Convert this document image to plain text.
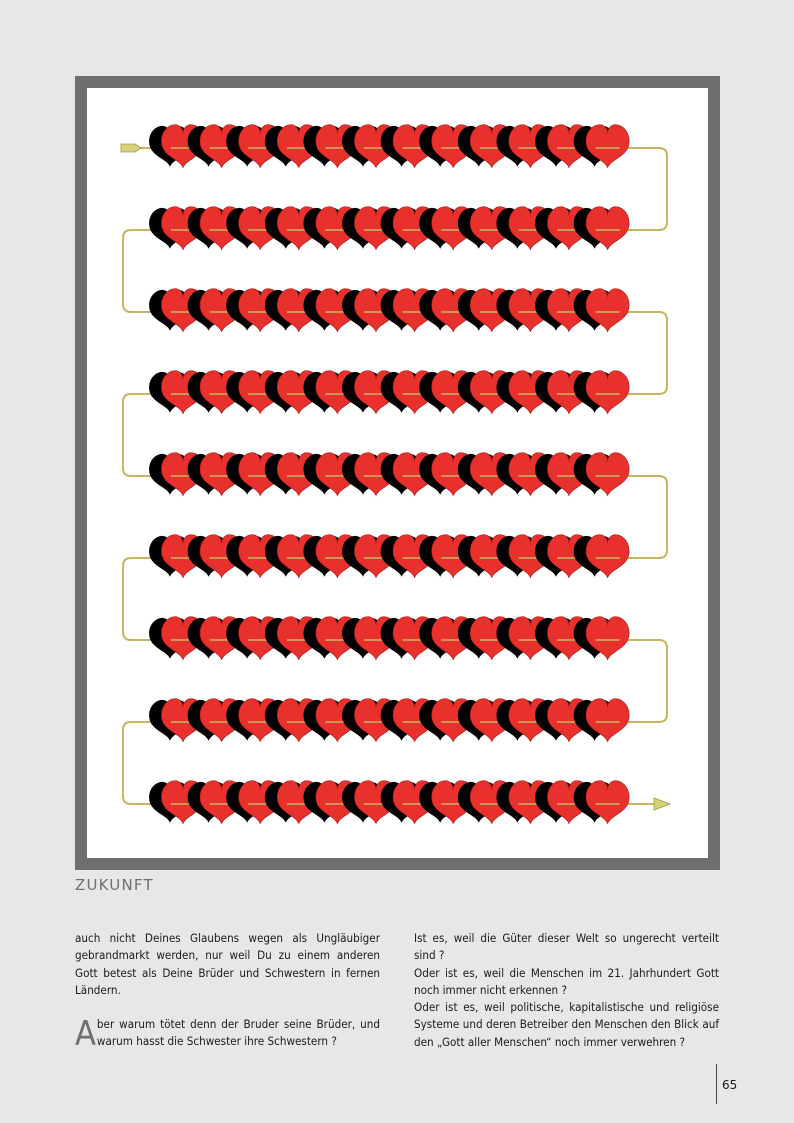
ZUKUNFT

auch nicht Deines Glaubens wegen als Ungläubiger gebrandmarkt werden, nur weil Du zu einem anderen Gott betest als Deine Brüder und Schwestern in fernen Ländern.

Aber warum tötet denn der Bruder seine Brüder, und warum hasst die Schwester ihre Schwestern ?

Ist es, weil die Güter dieser Welt so ungerecht verteilt sind ?

Oder ist es, weil die Menschen im 21. Jahrhundert Gott noch immer nicht erkennen ?

Oder ist es, weil politische, kapitalistische und religiöse Systeme und deren Betreiber den Menschen den Blick auf den „Gott aller Menschen“ noch immer verwehren ?

65
